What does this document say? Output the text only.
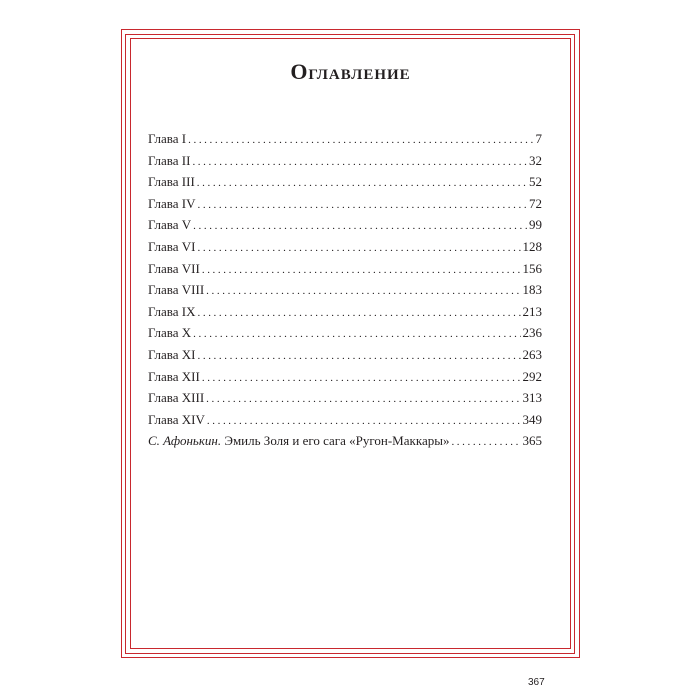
Оглавление
Глава I .....	7
Глава II .....	32
Глава III .....	52
Глава IV .....	72
Глава V .....	99
Глава VI .....	128
Глава VII .....	156
Глава VIII .....	183
Глава IX .....	213
Глава X .....	236
Глава XI .....	263
Глава XII .....	292
Глава XIII .....	313
Глава XIV .....	349
С. Афонькин. Эмиль Золя и его сага «Ругон-Маккары» .....	365
367
